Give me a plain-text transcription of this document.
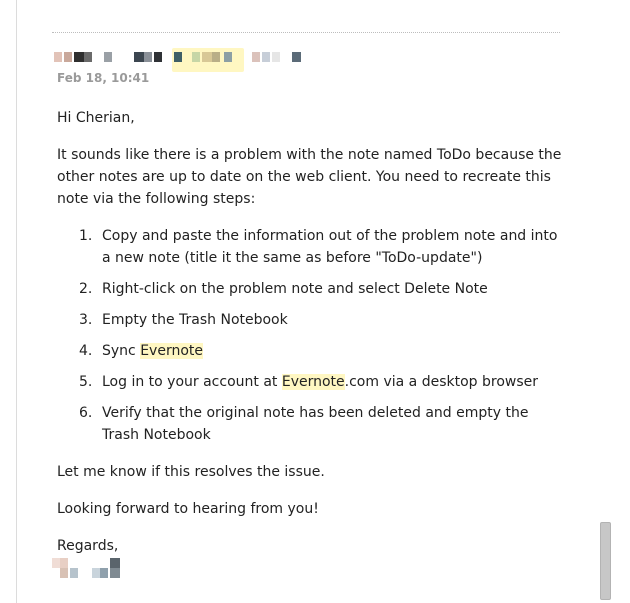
Feb 18, 10:41

Hi Cherian,

It sounds like there is a problem with the note named ToDo because the other notes are up to date on the web client. You need to recreate this note via the following steps:

1. Copy and paste the information out of the problem note and into a new note (title it the same as before "ToDo-update")
2. Right-click on the problem note and select Delete Note
3. Empty the Trash Notebook
4. Sync Evernote
5. Log in to your account at Evernote.com via a desktop browser
6. Verify that the original note has been deleted and empty the Trash Notebook

Let me know if this resolves the issue.

Looking forward to hearing from you!

Regards,
